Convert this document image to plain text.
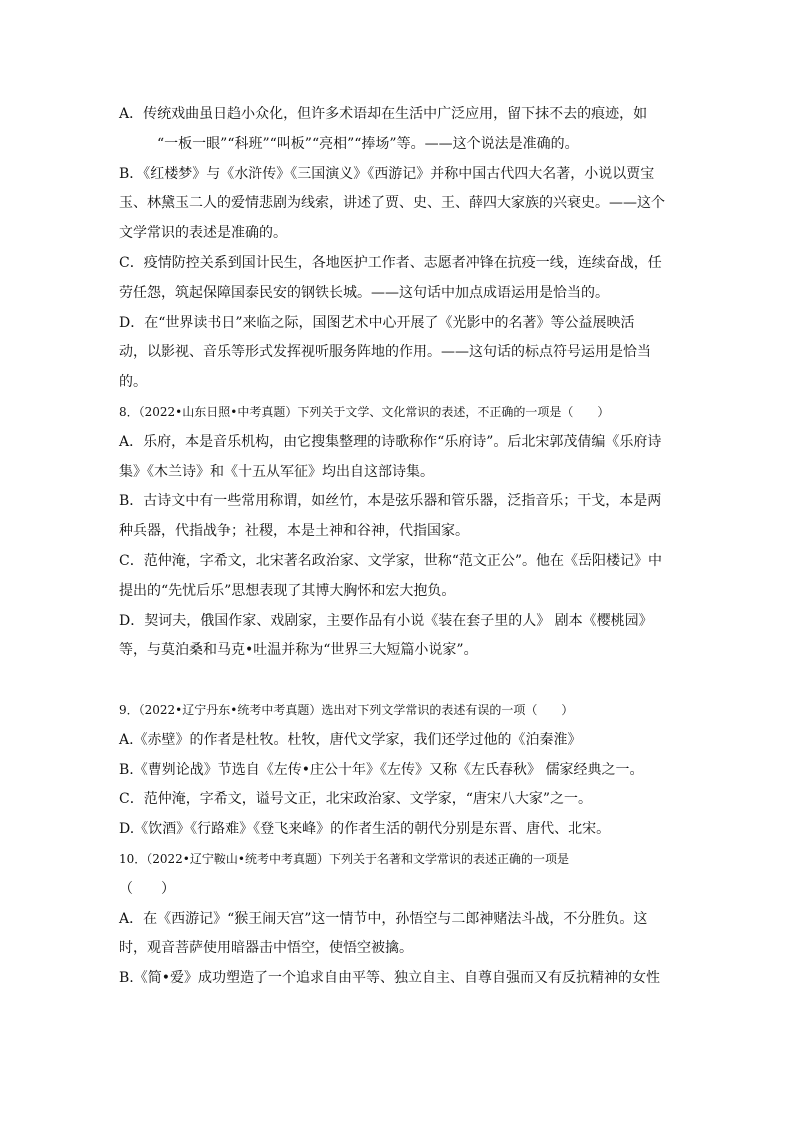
A．传统戏曲虽日趋小众化，但许多术语却在生活中广泛应用，留下抹不去的痕迹，如
“一板一眼”“科班”“叫板”“亮相”“捧场”等。——这个说法是准确的。
B．《红楼梦》与《水浒传》《三国演义》《西游记》并称中国古代四大名著，小说以贾宝
玉、林黛玉二人的爱情悲剧为线索，讲述了贾、史、王、薛四大家族的兴衰史。——这个
文学常识的表述是准确的。
C．疫情防控关系到国计民生，各地医护工作者、志愿者冲锋在抗疫一线，连续奋战，任
劳任怨，筑起保障国泰民安的钢铁长城。——这句话中加点成语运用是恰当的。
D．在“世界读书日”来临之际，国图艺术中心开展了《光影中的名著》等公益展映活
动，以影视、音乐等形式发挥视听服务阵地的作用。——这句话的标点符号运用是恰当
的。
8．（2022•山东日照•中考真题）下列关于文学、文化常识的表述，不正确的一项是（　　）
A．乐府，本是音乐机构，由它搜集整理的诗歌称作“乐府诗”。后北宋郭茂倩编《乐府诗
集》《木兰诗》和《十五从军征》均出自这部诗集。
B．古诗文中有一些常用称谓，如丝竹，本是弦乐器和管乐器，泛指音乐；干戈，本是两
种兵器，代指战争；社稷，本是土神和谷神，代指国家。
C．范仲淹，字希文，北宋著名政治家、文学家，世称“范文正公”。他在《岳阳楼记》中
提出的“先忧后乐”思想表现了其博大胸怀和宏大抱负。
D．契诃夫，俄国作家、戏剧家，主要作品有小说《装在套子里的人》 剧本《樱桃园》
等，与莫泊桑和马克•吐温并称为“世界三大短篇小说家”。
9．（2022•辽宁丹东•统考中考真题）选出对下列文学常识的表述有误的一项（　　）
A.《赤壁》的作者是杜牧。杜牧，唐代文学家，我们还学过他的《泊秦淮》
B.《曹刿论战》节选自《左传•庄公十年》《左传》又称《左氏春秋》 儒家经典之一。
C．范仲淹，字希文，谥号文正，北宋政治家、文学家，“唐宋八大家”之一。
D.《饮酒》《行路难》《登飞来峰》的作者生活的朝代分别是东晋、唐代、北宋。
10．（2022•辽宁鞍山•统考中考真题）下列关于名著和文学常识的表述正确的一项是
（　　）
A．在《西游记》“猴王闹天宫”这一情节中，孙悟空与二郎神赌法斗战，不分胜负。这
时，观音菩萨使用暗器击中悟空，使悟空被擒。
B.《简•爱》成功塑造了一个追求自由平等、独立自主、自尊自强而又有反抗精神的女性
